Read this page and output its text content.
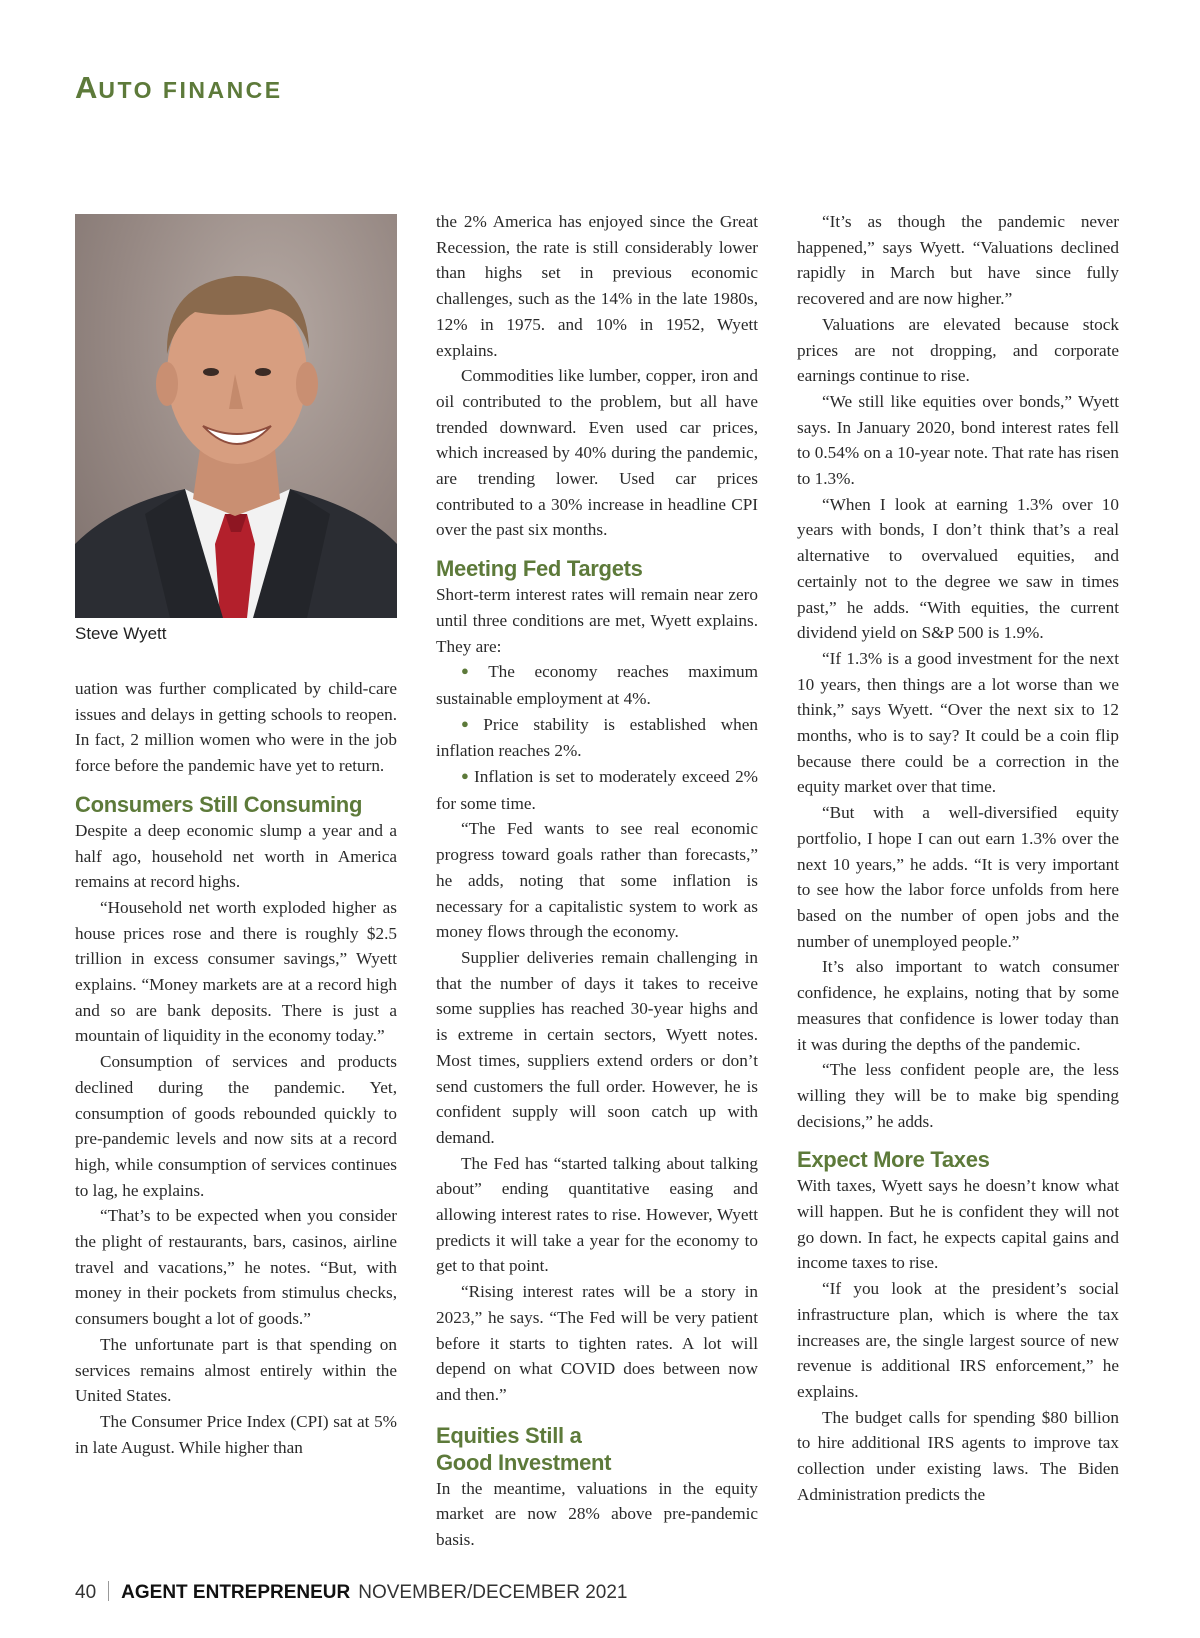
AUTO FINANCE
Steve Wyett

uation was further complicated by child-care issues and delays in getting schools to reopen. In fact, 2 million women who were in the job force before the pandemic have yet to return.

Consumers Still Consuming

Despite a deep economic slump a year and a half ago, household net worth in America remains at record highs.

“Household net worth exploded higher as house prices rose and there is roughly $2.5 trillion in excess consumer savings,” Wyett explains. “Money markets are at a record high and so are bank deposits. There is just a mountain of liquidity in the economy today.”

Consumption of services and products declined during the pandemic. Yet, consumption of goods rebounded quickly to pre-pandemic levels and now sits at a record high, while consumption of services continues to lag, he explains.

“That’s to be expected when you consider the plight of restaurants, bars, casinos, airline travel and vacations,” he notes. “But, with money in their pockets from stimulus checks, consumers bought a lot of goods.”

The unfortunate part is that spending on services remains almost entirely within the United States.

The Consumer Price Index (CPI) sat at 5% in late August. While higher than

the 2% America has enjoyed since the Great Recession, the rate is still considerably lower than highs set in previous economic challenges, such as the 14% in the late 1980s, 12% in 1975. and 10% in 1952, Wyett explains.

Commodities like lumber, copper, iron and oil contributed to the problem, but all have trended downward. Even used car prices, which increased by 40% during the pandemic, are trending lower. Used car prices contributed to a 30% increase in headline CPI over the past six months.

Meeting Fed Targets

Short-term interest rates will remain near zero until three conditions are met, Wyett explains. They are:

● The economy reaches maximum sustainable employment at 4%.

● Price stability is established when inflation reaches 2%.

● Inflation is set to moderately exceed 2% for some time.

“The Fed wants to see real economic progress toward goals rather than forecasts,” he adds, noting that some inflation is necessary for a capitalistic system to work as money flows through the economy.

Supplier deliveries remain challenging in that the number of days it takes to receive some supplies has reached 30-year highs and is extreme in certain sectors, Wyett notes. Most times, suppliers extend orders or don’t send customers the full order. However, he is confident supply will soon catch up with demand.

The Fed has “started talking about talking about” ending quantitative easing and allowing interest rates to rise. However, Wyett predicts it will take a year for the economy to get to that point.

“Rising interest rates will be a story in 2023,” he says. “The Fed will be very patient before it starts to tighten rates. A lot will depend on what COVID does between now and then.”

Equities Still a
Good Investment

In the meantime, valuations in the equity market are now 28% above pre-pandemic basis.

“It’s as though the pandemic never happened,” says Wyett. “Valuations declined rapidly in March but have since fully recovered and are now higher.”

Valuations are elevated because stock prices are not dropping, and corporate earnings continue to rise.

“We still like equities over bonds,” Wyett says. In January 2020, bond interest rates fell to 0.54% on a 10-year note. That rate has risen to 1.3%.

“When I look at earning 1.3% over 10 years with bonds, I don’t think that’s a real alternative to overvalued equities, and certainly not to the degree we saw in times past,” he adds. “With equities, the current dividend yield on S&P 500 is 1.9%.

“If 1.3% is a good investment for the next 10 years, then things are a lot worse than we think,” says Wyett. “Over the next six to 12 months, who is to say? It could be a coin flip because there could be a correction in the equity market over that time.

“But with a well-diversified equity portfolio, I hope I can out earn 1.3% over the next 10 years,” he adds. “It is very important to see how the labor force unfolds from here based on the number of open jobs and the number of unemployed people.”

It’s also important to watch consumer confidence, he explains, noting that by some measures that confidence is lower today than it was during the depths of the pandemic.

“The less confident people are, the less willing they will be to make big spending decisions,” he adds.

Expect More Taxes

With taxes, Wyett says he doesn’t know what will happen. But he is confident they will not go down. In fact, he expects capital gains and income taxes to rise.

“If you look at the president’s social infrastructure plan, which is where the tax increases are, the single largest source of new revenue is additional IRS enforcement,” he explains.

The budget calls for spending $80 billion to hire additional IRS agents to improve tax collection under existing laws. The Biden Administration predicts the

40 AGENT ENTREPRENEUR NOVEMBER/DECEMBER 2021
